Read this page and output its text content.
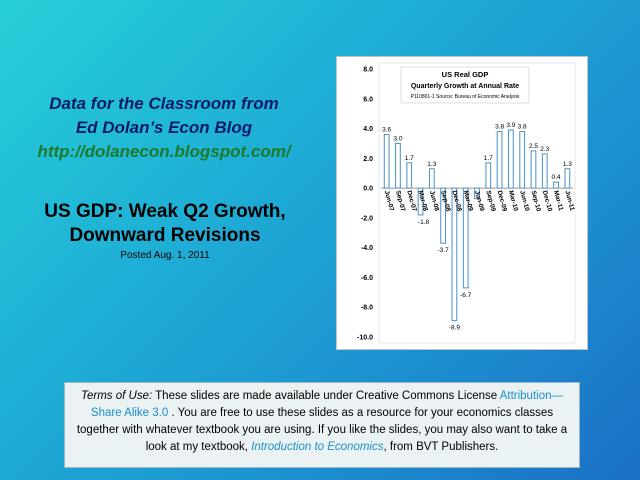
Data for the Classroom from
Ed Dolan’s Econ Blog
http://dolanecon.blogspot.com/
US GDP: Weak Q2 Growth,
Downward Revisions
Posted Aug. 1, 2011
US Real GDP
Quarterly Growth at Annual Rate
P110801-1 Source: Bureau of Economic Analysis
8.0
6.0
4.0
2.0
0.0
-2.0
-4.0
-6.0
-8.0
-10.0
3.6
Jun-07
3.0
Sep-07
1.7
Dec-07
-1.8
Mar-08
1.3
Jun-08
-3.7
Sep-08
-8.9
Dec-08
-6.7
Mar-09 Jun-09
1.7
Sep-09
3.8
Dec-09
3.9
Mar-10
3.8
Jun-10
2.5
Sep-10
2.3
Dec-10
0.4
Mar-11
1.3
Jun-11
Terms of Use: These slides are made available under Creative Commons License Attribution—Share Alike 3.0 . You are free to use these slides as a resource for your economics classes together with whatever textbook you are using. If you like the slides, you may also want to take a look at my textbook, Introduction to Economics, from BVT Publishers.
